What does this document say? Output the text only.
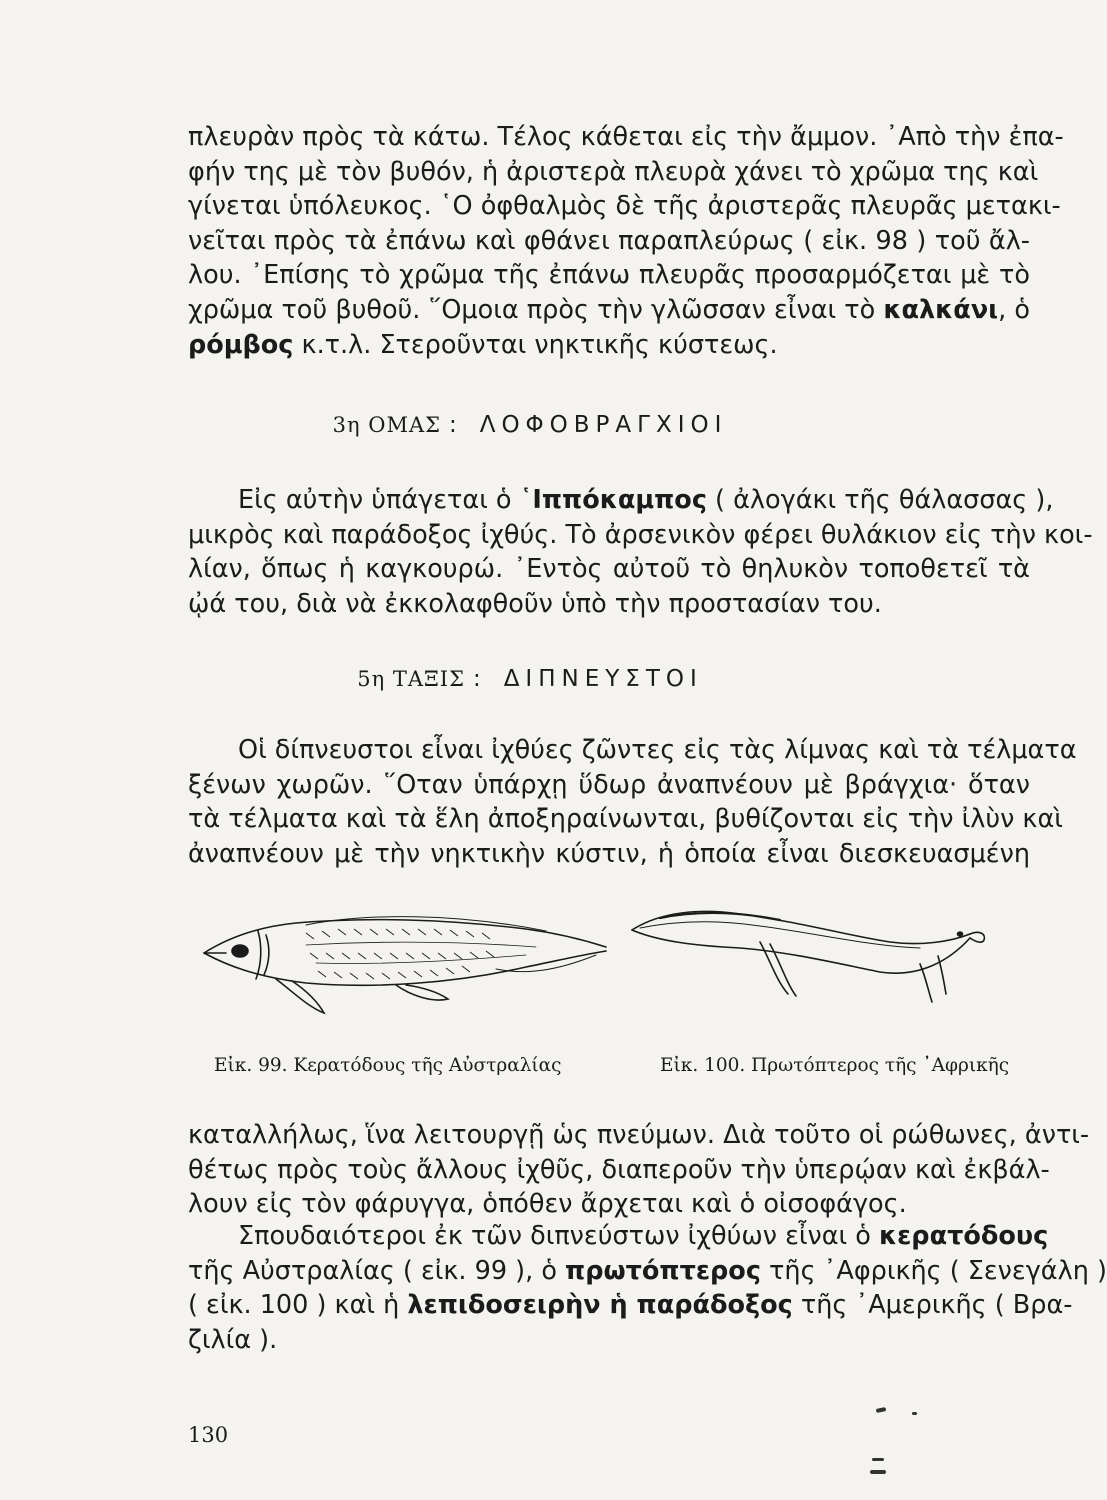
πλευρὰν πρὸς τὰ κάτω. Τέλος κάθεται εἰς τὴν ἄμμον. ᾿Απὸ τὴν ἐπα-
φήν της μὲ τὸν βυθόν, ἡ ἀριστερὰ πλευρὰ χάνει τὸ χρῶμα της καὶ
γίνεται ὑπόλευκος. ῾Ο ὀφθαλμὸς δὲ τῆς ἀριστερᾶς πλευρᾶς μετακι-
νεῖται πρὸς τὰ ἐπάνω καὶ φθάνει παραπλεύρως ( εἰκ. 98 ) τοῦ ἄλ-
λου. ᾿Επίσης τὸ χρῶμα τῆς ἐπάνω πλευρᾶς προσαρμόζεται μὲ τὸ
χρῶμα τοῦ βυθοῦ. ῞Ομοια πρὸς τὴν γλῶσσαν εἶναι τὸ καλκάνι, ὁ
ρόμβος κ.τ.λ. Στεροῦνται νηκτικῆς κύστεως.
3η ΟΜΑΣ : ΛΟΦΟΒΡΑΓΧΙΟΙ
Εἰς αὐτὴν ὑπάγεται ὁ ῾Ιππόκαμπος ( ἀλογάκι τῆς θάλασσας ),
μικρὸς καὶ παράδοξος ἰχθύς. Τὸ ἀρσενικὸν φέρει θυλάκιον εἰς τὴν κοι-
λίαν, ὅπως ἡ καγκουρώ. ᾿Εντὸς αὐτοῦ τὸ θηλυκὸν τοποθετεῖ τὰ
ᾠά του, διὰ νὰ ἐκκολαφθοῦν ὑπὸ τὴν προστασίαν του.
5η ΤΑΞΙΣ : ΔΙΠΝΕΥΣΤΟΙ
Οἱ δίπνευστοι εἶναι ἰχθύες ζῶντες εἰς τὰς λίμνας καὶ τὰ τέλματα
ξένων χωρῶν. ῞Οταν ὑπάρχῃ ὕδωρ ἀναπνέουν μὲ βράγχια· ὅταν
τὰ τέλματα καὶ τὰ ἕλη ἀποξηραίνωνται, βυθίζονται εἰς τὴν ἰλὺν καὶ
ἀναπνέουν μὲ τὴν νηκτικὴν κύστιν, ἡ ὁποία εἶναι διεσκευασμένη
Εἰκ. 99. Κερατόδους τῆς Αὐστραλίας	Εἰκ. 100. Πρωτόπτερος τῆς ᾿Αφρικῆς
καταλλήλως, ἵνα λειτουργῇ ὡς πνεύμων. Διὰ τοῦτο οἱ ρώθωνες, ἀντι-
θέτως πρὸς τοὺς ἄλλους ἰχθῦς, διαπεροῦν τὴν ὑπερῴαν καὶ ἐκβάλ-
λουν εἰς τὸν φάρυγγα, ὁπόθεν ἄρχεται καὶ ὁ οἰσοφάγος.
Σπουδαιότεροι ἐκ τῶν διπνεύστων ἰχθύων εἶναι ὁ κερατόδους
τῆς Αὐστραλίας ( εἰκ. 99 ), ὁ πρωτόπτερος τῆς ᾿Αφρικῆς ( Σενεγάλη )
( εἰκ. 100 ) καὶ ἡ λεπιδοσειρὴν ἡ παράδοξος τῆς ᾿Αμερικῆς ( Βρα-
ζιλία ).
130
